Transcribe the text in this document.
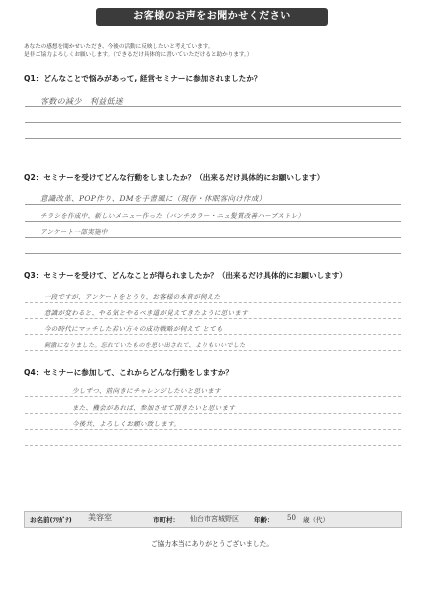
お客様のお声をお聞かせください
あなたの感想を聞かせいただき、今後の活動に反映したいと考えています。
是非ご協力よろしくお願いします。（できるだけ具体的に書いていただけると助かります。）
Q1：どんなことで悩みがあって, 経営セミナーに参加されましたか？
客数の減少　利益低迷
Q2：セミナーを受けてどんな行動をしましたか？（出来るだけ具体的にお願いします）
意識改革、POP作り、DMを手書風に（現存・休眠客向け作成）
チラシを作成中、新しいメニュー作った（パンチカラー・ニュ髪質改善ハーブストレ）
アンケート一部実施中
Q3：セミナーを受けて、どんなことが得られましたか？（出来るだけ具体的にお願いします）
一段ですが、アンケートをとうり、お客様の本音が伺えた
意識が変わると、やる気とやるべき道が見えてきたように思います
今の時代にマッチした若い方々の成功戦略が伺えて とても
刺激になりました。忘れていたものを思い出されて、よりもいいでした
Q4：セミナーに参加して、これからどんな行動をしますか？
少しずつ、前向きにチャレンジしたいと思います
また、機会があれば、参加させて頂きたいと思います
今後共、よろしくお願い致します。
お名前(ﾌﾘｶﾞﾅ) 美容室	市町村： 仙台市宮城野区 年齢： 50 歳（代）
ご協力本当にありがとうございました。
